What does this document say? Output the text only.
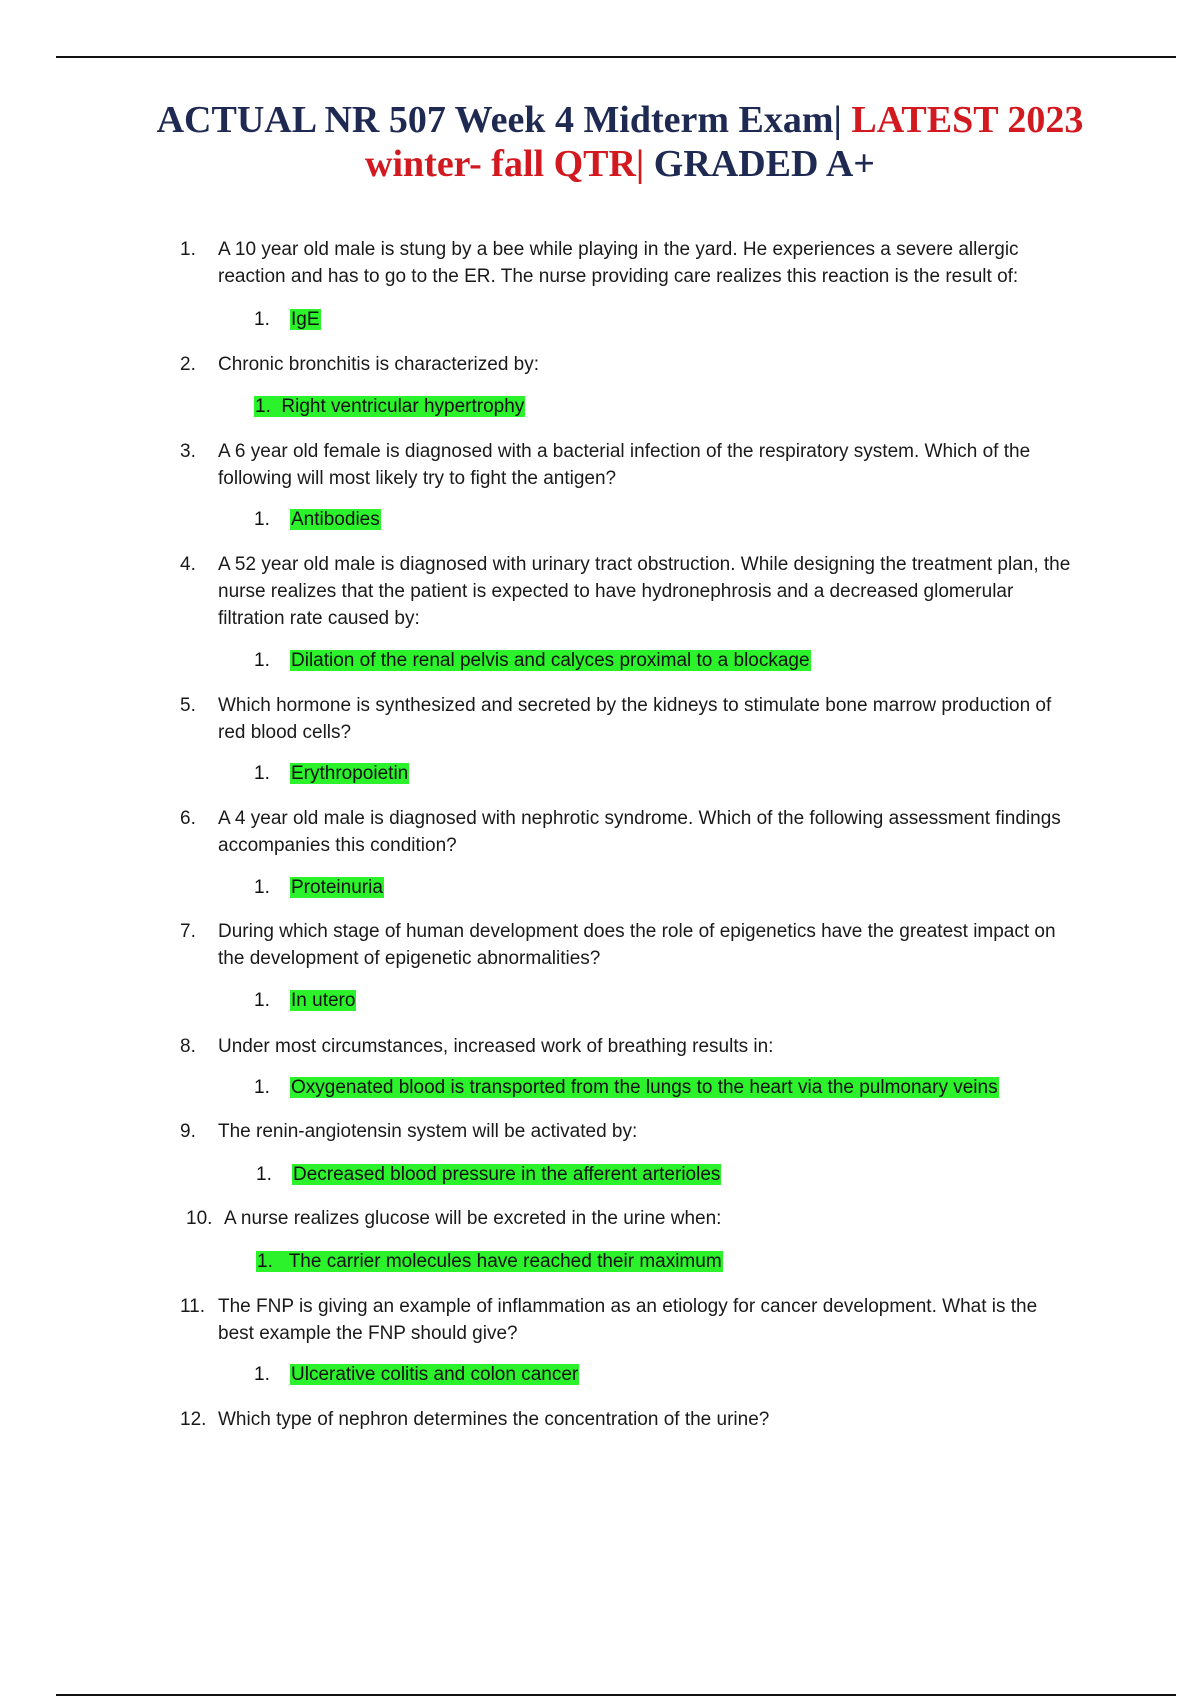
ACTUAL NR 507 Week 4 Midterm Exam| LATEST 2023
winter- fall QTR| GRADED A+
1. A 10 year old male is stung by a bee while playing in the yard. He experiences a severe allergic reaction and has to go to the ER. The nurse providing care realizes this reaction is the result of:
1. IgE
2. Chronic bronchitis is characterized by:
1. Right ventricular hypertrophy
3. A 6 year old female is diagnosed with a bacterial infection of the respiratory system. Which of the following will most likely try to fight the antigen?
1. Antibodies
4. A 52 year old male is diagnosed with urinary tract obstruction. While designing the treatment plan, the nurse realizes that the patient is expected to have hydronephrosis and a decreased glomerular filtration rate caused by:
1. Dilation of the renal pelvis and calyces proximal to a blockage
5. Which hormone is synthesized and secreted by the kidneys to stimulate bone marrow production of red blood cells?
1. Erythropoietin
6. A 4 year old male is diagnosed with nephrotic syndrome. Which of the following assessment findings accompanies this condition?
1. Proteinuria
7. During which stage of human development does the role of epigenetics have the greatest impact on the development of epigenetic abnormalities?
1. In utero
8. Under most circumstances, increased work of breathing results in:
1. Oxygenated blood is transported from the lungs to the heart via the pulmonary veins
9. The renin-angiotensin system will be activated by:
1. Decreased blood pressure in the afferent arterioles
10. A nurse realizes glucose will be excreted in the urine when:
1. The carrier molecules have reached their maximum
11. The FNP is giving an example of inflammation as an etiology for cancer development. What is the best example the FNP should give?
1. Ulcerative colitis and colon cancer
12. Which type of nephron determines the concentration of the urine?
